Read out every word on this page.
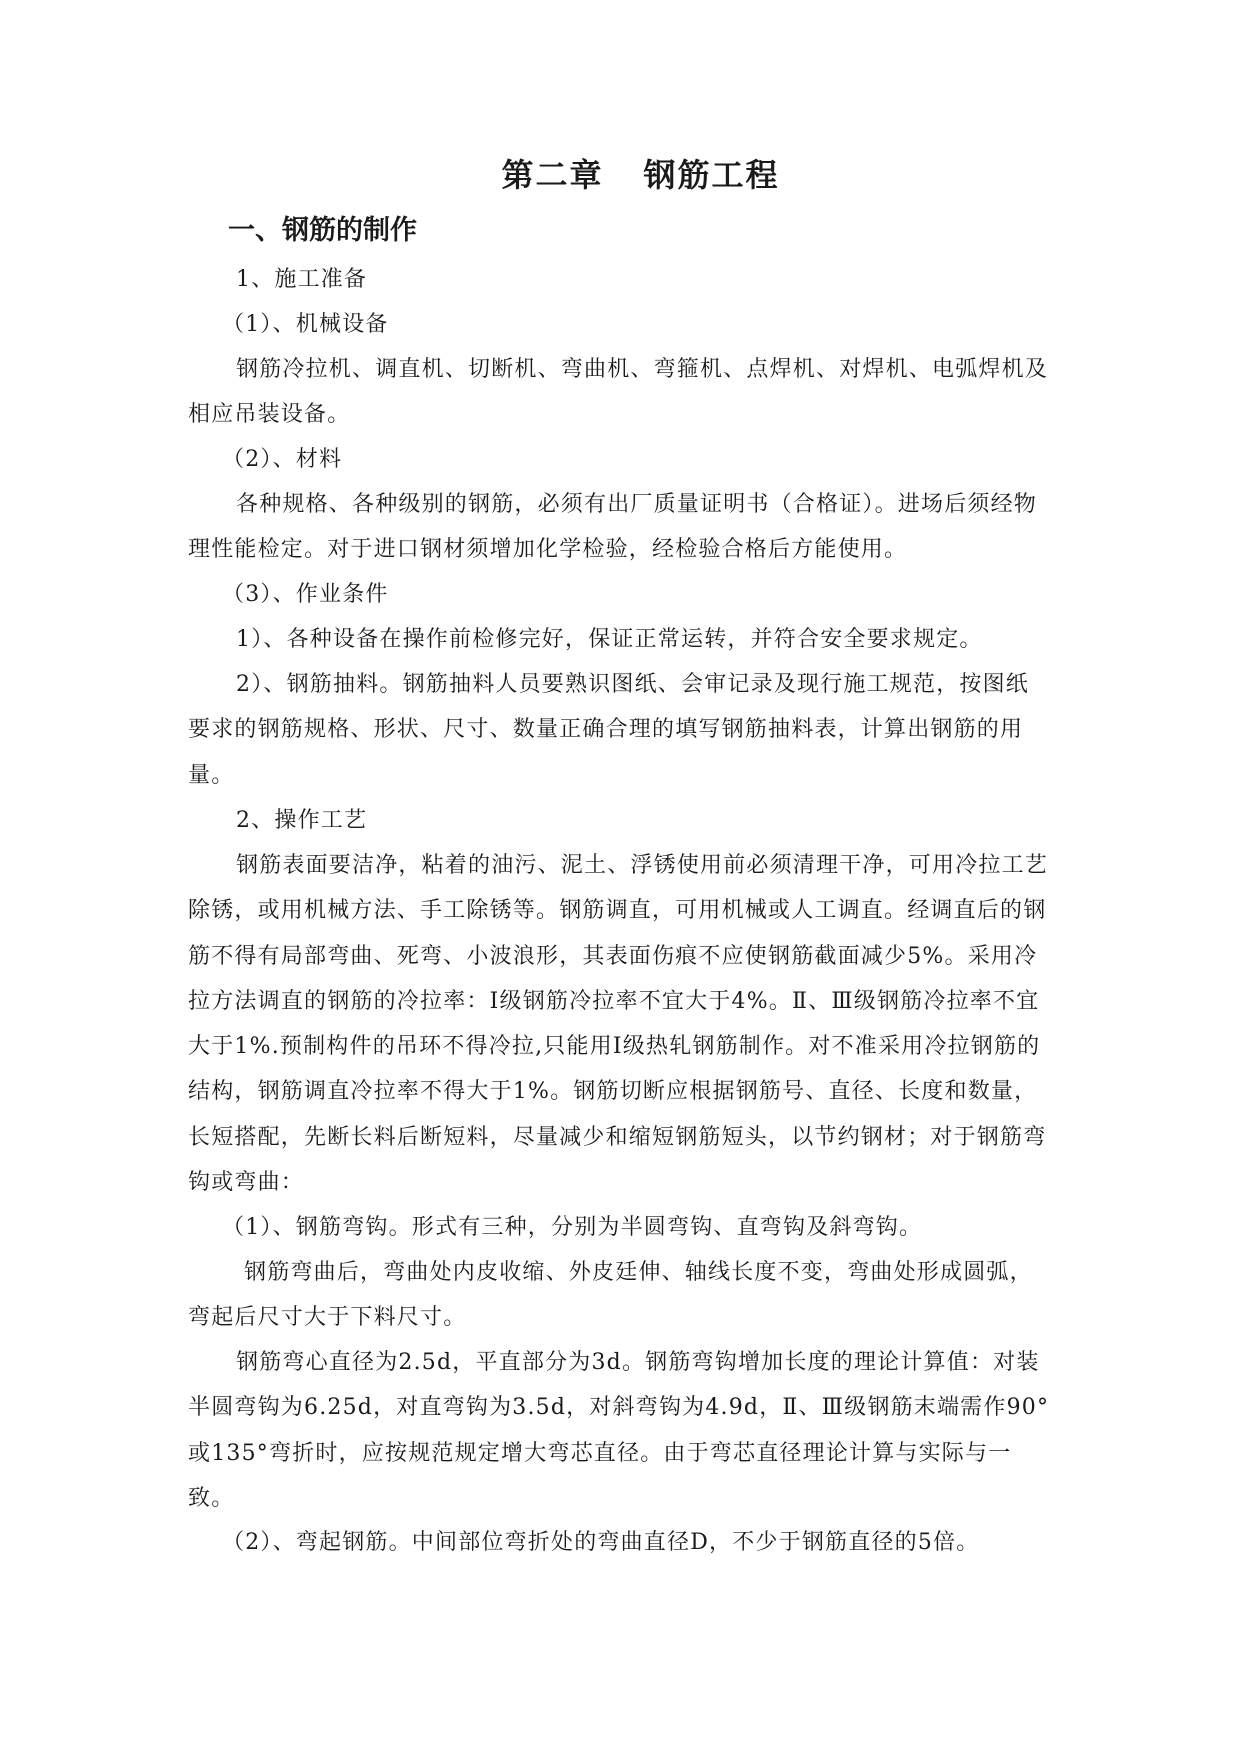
第二章 钢筋工程
一、钢筋的制作
1、施工准备
（1）、机械设备
钢筋冷拉机、调直机、切断机、弯曲机、弯箍机、点焊机、对焊机、电弧焊机及相应吊装设备。
（2）、材料
各种规格、各种级别的钢筋，必须有出厂质量证明书（合格证）。进场后须经物理性能检定。对于进口钢材须增加化学检验，经检验合格后方能使用。
（3）、作业条件
1）、各种设备在操作前检修完好，保证正常运转，并符合安全要求规定。
2）、钢筋抽料。钢筋抽料人员要熟识图纸、会审记录及现行施工规范，按图纸要求的钢筋规格、形状、尺寸、数量正确合理的填写钢筋抽料表，计算出钢筋的用量。
2、操作工艺
钢筋表面要洁净，粘着的油污、泥土、浮锈使用前必须清理干净，可用冷拉工艺除锈，或用机械方法、手工除锈等。钢筋调直，可用机械或人工调直。经调直后的钢筋不得有局部弯曲、死弯、小波浪形，其表面伤痕不应使钢筋截面减少5%。采用冷拉方法调直的钢筋的冷拉率：Ⅰ级钢筋冷拉率不宜大于4%。Ⅱ、Ⅲ级钢筋冷拉率不宜大于1%.预制构件的吊环不得冷拉,只能用Ⅰ级热轧钢筋制作。对不准采用冷拉钢筋的结构，钢筋调直冷拉率不得大于1%。钢筋切断应根据钢筋号、直径、长度和数量，长短搭配，先断长料后断短料，尽量减少和缩短钢筋短头，以节约钢材；对于钢筋弯钩或弯曲：
（1）、钢筋弯钩。形式有三种，分别为半圆弯钩、直弯钩及斜弯钩。
钢筋弯曲后，弯曲处内皮收缩、外皮廷伸、轴线长度不变，弯曲处形成圆弧，弯起后尺寸大于下料尺寸。
钢筋弯心直径为2.5d，平直部分为3d。钢筋弯钩增加长度的理论计算值：对装半圆弯钩为6.25d，对直弯钩为3.5d，对斜弯钩为4.9d，Ⅱ、Ⅲ级钢筋末端需作90°或135°弯折时，应按规范规定增大弯芯直径。由于弯芯直径理论计算与实际与一致。
（2）、弯起钢筋。中间部位弯折处的弯曲直径D，不少于钢筋直径的5倍。
